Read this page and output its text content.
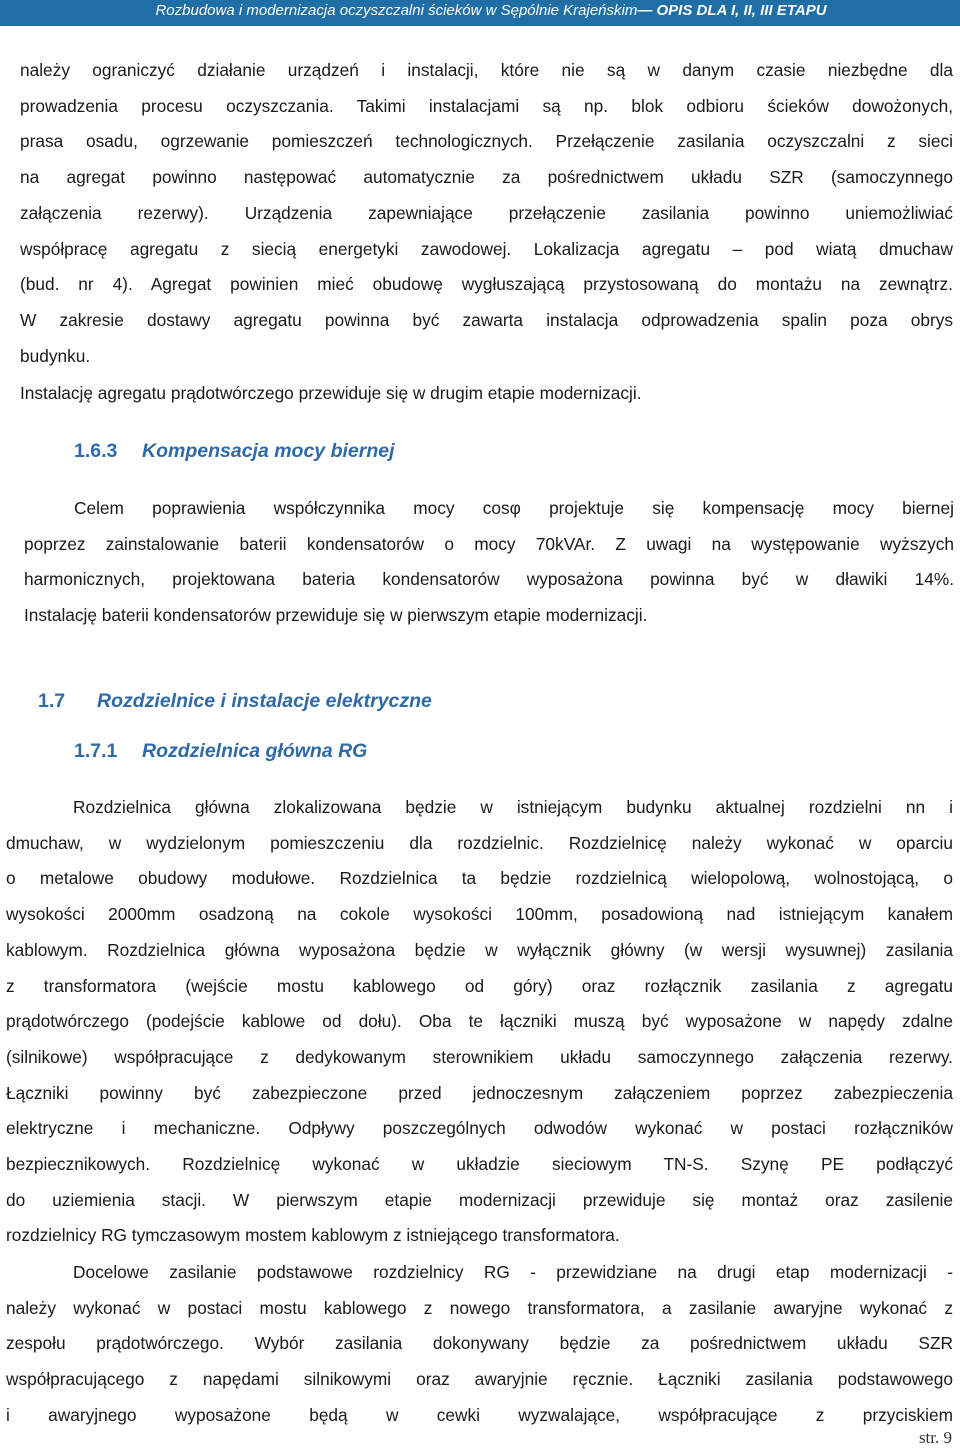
Rozbudowa i modernizacja oczyszczalni ścieków w Sępólnie Krajeńskim— OPIS DLA I, II, III ETAPU
należy ograniczyć działanie urządzeń i instalacji, które nie są w danym czasie niezbędne dla
prowadzenia procesu oczyszczania. Takimi instalacjami są np. blok odbioru ścieków dowożonych,
prasa osadu, ogrzewanie pomieszczeń technologicznych. Przełączenie zasilania oczyszczalni z sieci
na agregat powinno następować automatycznie za pośrednictwem układu SZR (samoczynnego
załączenia rezerwy). Urządzenia zapewniające przełączenie zasilania powinno uniemożliwiać
współpracę agregatu z siecią energetyki zawodowej. Lokalizacja agregatu – pod wiatą dmuchaw
(bud. nr 4). Agregat powinien mieć obudowę wygłuszającą przystosowaną do montażu na zewnątrz.
W zakresie dostawy agregatu powinna być zawarta instalacja odprowadzenia spalin poza obrys
budynku.
Instalację agregatu prądotwórczego przewiduje się w drugim etapie modernizacji.
1.6.3 Kompensacja mocy biernej
Celem poprawienia współczynnika mocy cosφ projektuje się kompensację mocy biernej
poprzez zainstalowanie baterii kondensatorów o mocy 70kVAr. Z uwagi na występowanie wyższych
harmonicznych, projektowana bateria kondensatorów wyposażona powinna być w dławiki 14%.
Instalację baterii kondensatorów przewiduje się w pierwszym etapie modernizacji.
1.7 Rozdzielnice i instalacje elektryczne
1.7.1 Rozdzielnica główna RG
Rozdzielnica główna zlokalizowana będzie w istniejącym budynku aktualnej rozdzielni nn i
dmuchaw, w wydzielonym pomieszczeniu dla rozdzielnic. Rozdzielnicę należy wykonać w oparciu
o metalowe obudowy modułowe. Rozdzielnica ta będzie rozdzielnicą wielopolową, wolnostojącą, o
wysokości 2000mm osadzoną na cokole wysokości 100mm, posadowioną nad istniejącym kanałem
kablowym. Rozdzielnica główna wyposażona będzie w wyłącznik główny (w wersji wysuwnej) zasilania
z transformatora (wejście mostu kablowego od góry) oraz rozłącznik zasilania z agregatu
prądotwórczego (podejście kablowe od dołu). Oba te łączniki muszą być wyposażone w napędy zdalne
(silnikowe) współpracujące z dedykowanym sterownikiem układu samoczynnego załączenia rezerwy.
Łączniki powinny być zabezpieczone przed jednoczesnym załączeniem poprzez zabezpieczenia
elektryczne i mechaniczne. Odpływy poszczególnych odwodów wykonać w postaci rozłączników
bezpiecznikowych. Rozdzielnicę wykonać w układzie sieciowym TN-S. Szynę PE podłączyć
do uziemienia stacji. W pierwszym etapie modernizacji przewiduje się montaż oraz zasilenie
rozdzielnicy RG tymczasowym mostem kablowym z istniejącego transformatora.
Docelowe zasilanie podstawowe rozdzielnicy RG - przewidziane na drugi etap modernizacji -
należy wykonać w postaci mostu kablowego z nowego transformatora, a zasilanie awaryjne wykonać z
zespołu prądotwórczego. Wybór zasilania dokonywany będzie za pośrednictwem układu SZR
współpracującego z napędami silnikowymi oraz awaryjnie ręcznie. Łączniki zasilania podstawowego
i awaryjnego wyposażone będą w cewki wyzwalające, współpracujące z przyciskiem
str. 9
